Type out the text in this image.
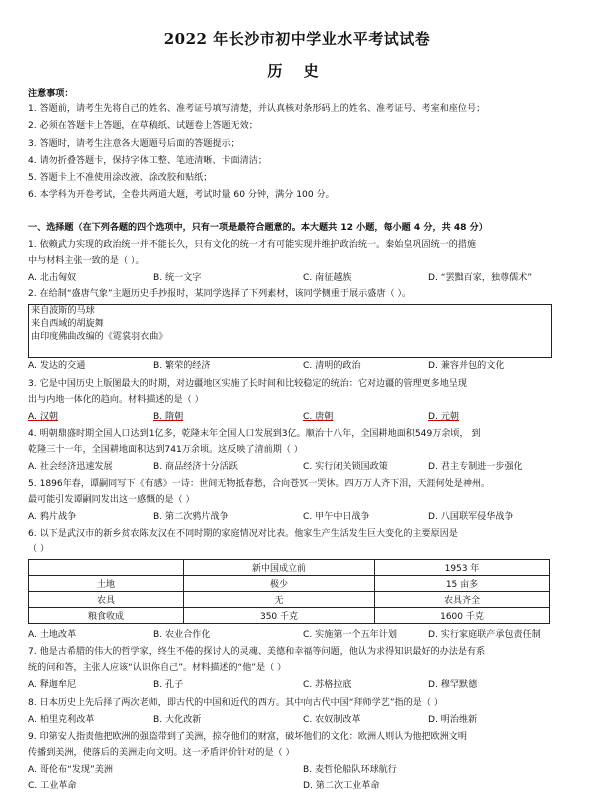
2022 年长沙市初中学业水平考试试卷
历 史
注意事项：
1. 答题前，请考生先将自己的姓名、准考证号填写清楚，并认真核对条形码上的姓名、准考证号、考室和座位号；
2. 必须在答题卡上答题，在草稿纸、试题卷上答题无效；
3. 答题时，请考生注意各大题题号后面的答题提示；
4. 请勿折叠答题卡，保持字体工整、笔迹清晰、卡面清洁；
5. 答题卡上不准使用涂改液、涂改胶和贴纸；
6. 本学科为开卷考试，全卷共两道大题，考试时量 60 分钟，满分 100 分。
一、选择题（在下列各题的四个选项中，只有一项是最符合题意的。本大题共 12 小题，每小题 4 分，共 48 分）
1. 依赖武力实现的政治统一并不能长久，只有文化的统一才有可能实现并维护政治统一。秦始皇巩固统一的措施
中与材料主张一致的是（ ）。
A. 北击匈奴	B. 统一文字	C. 南征越族	D. “罢黜百家，独尊儒术”
2. 在给制“盛唐气象”主题历史手抄报时，某同学选择了下列素材，该同学侧重于展示盛唐（ ）。
来自波斯的马球
来自西域的胡旋舞
由印度佛曲改编的《霓裳羽衣曲》
A. 发达的交通	B. 繁荣的经济	C. 清明的政治	D. 兼容并包的文化
3. 它是中国历史上版图最大的时期，对边疆地区实施了长时间和比较稳定的统治：它对边疆的管理更多地呈现
出与内地一体化的趋向。材料描述的是（ ）
A. 汉朝	B. 隋朝	C. 唐朝	D. 元朝
4. 明朝鼎盛时期全国人口达到1亿多，乾隆末年全国人口发展到3亿。顺治十八年，全国耕地面积549万余顷， 到
乾隆三十一年，全国耕地面积达到741万余顷。这反映了清前期（ ）
A. 社会经济迅速发展	B. 商品经济十分活跃	C. 实行闭关锁国政策	D. 君主专制进一步强化
5. 1896年春，谭嗣同写下《有感》一诗：世间无物抵春愁，合向苍冥一哭休。四万万人齐下泪，天涯何处是神州。
最可能引发谭嗣同发出这一感慨的是（ ）
A. 鸦片战争	B. 第二次鸦片战争	C. 甲午中日战争	D. 八国联军侵华战争
6. 以下是武汉市的新乡贫农陈友汉在不同时期的家庭情况对比表。他家生产生活发生巨大变化的主要原因是
（ ）
	新中国成立前	1953 年
土地	极少	15 亩多
农具	无	农具齐全
粮食收成	350 千克	1600 千克
A. 土地改革	B. 农业合作化	C. 实施第一个五年计划	D. 实行家庭联产承包责任制
7. 他是古希腊的伟大的哲学家，终生不倦的探讨人的灵魂、美德和幸福等问题，他认为求得知识最好的办法是有系
统的问和答，主张人应该“认识你自己”。材料描述的“他”是（ ）
A. 释迦牟尼	B. 孔子	C. 苏格拉底	D. 穆罕默德
8. 日本历史上先后择了两次老师，即古代的中国和近代的西方。其中向古代中国“拜师学艺”指的是（ ）
A. 柏里克利改革	B. 大化改新	C. 农奴制改革	D. 明治维新
9. 印第安人指责他把欧洲的强盗带到了美洲，掠夺他们的财富，破坏他们的文化：欧洲人则认为他把欧洲文明
传播到美洲，使落后的美洲走向文明。这一矛盾评价针对的是（ ）
A. 哥伦布“发现”美洲	B. 麦哲伦船队环球航行
C. 工业革命	D. 第二次工业革命
